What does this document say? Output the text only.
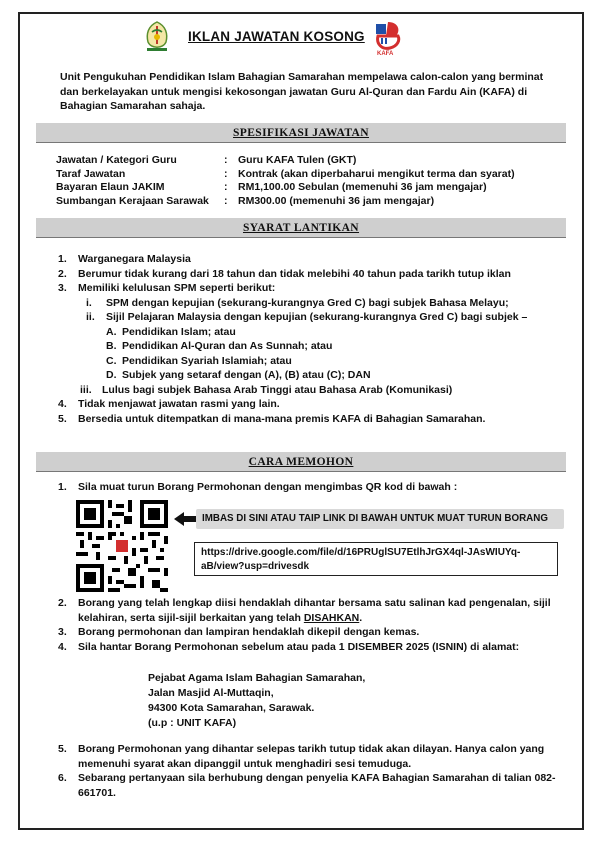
IKLAN JAWATAN KOSONG
KAFA
Unit Pengukuhan Pendidikan Islam Bahagian Samarahan mempelawa calon-calon yang berminat dan berkelayakan untuk mengisi kekosongan jawatan Guru Al-Quran dan Fardu Ain (KAFA) di Bahagian Samarahan sahaja.
SPESIFIKASI JAWATAN
Jawatan / Kategori Guru	:	Guru KAFA Tulen (GKT)
Taraf Jawatan	:	Kontrak (akan diperbaharui mengikut terma dan syarat)
Bayaran Elaun JAKIM	:	RM1,100.00 Sebulan (memenuhi 36 jam mengajar)
Sumbangan Kerajaan Sarawak	:	RM300.00 (memenuhi 36 jam mengajar)
SYARAT LANTIKAN
1. Warganegara Malaysia
2. Berumur tidak kurang dari 18 tahun dan tidak melebihi 40 tahun pada tarikh tutup iklan
3. Memiliki kelulusan SPM seperti berikut:
i. SPM dengan kepujian (sekurang-kurangnya Gred C) bagi subjek Bahasa Melayu;
ii. Sijil Pelajaran Malaysia dengan kepujian (sekurang-kurangnya Gred C) bagi subjek –
A. Pendidikan Islam; atau
B. Pendidikan Al-Quran dan As Sunnah; atau
C. Pendidikan Syariah Islamiah; atau
D. Subjek yang setaraf dengan (A), (B) atau (C); DAN
iii. Lulus bagi subjek Bahasa Arab Tinggi atau Bahasa Arab (Komunikasi)
4. Tidak menjawat jawatan rasmi yang lain.
5. Bersedia untuk ditempatkan di mana-mana premis KAFA di Bahagian Samarahan.
CARA MEMOHON
1. Sila muat turun Borang Permohonan dengan mengimbas QR kod di bawah :
IMBAS DI SINI ATAU TAIP LINK DI BAWAH UNTUK MUAT TURUN BORANG
https://drive.google.com/file/d/16PRUglSU7EtlhJrGX4ql-JAsWIUYq-aB/view?usp=drivesdk
2. Borang yang telah lengkap diisi hendaklah dihantar bersama satu salinan kad pengenalan, sijil kelahiran, serta sijil-sijil berkaitan yang telah DISAHKAN.
3. Borang permohonan dan lampiran hendaklah dikepil dengan kemas.
4. Sila hantar Borang Permohonan sebelum atau pada 1 DISEMBER 2025 (ISNIN) di alamat:
Pejabat Agama Islam Bahagian Samarahan,
Jalan Masjid Al-Muttaqin,
94300 Kota Samarahan, Sarawak.
(u.p : UNIT KAFA)
5. Borang Permohonan yang dihantar selepas tarikh tutup tidak akan dilayan. Hanya calon yang memenuhi syarat akan dipanggil untuk menghadiri sesi temuduga.
6. Sebarang pertanyaan sila berhubung dengan penyelia KAFA Bahagian Samarahan di talian 082-661701.
